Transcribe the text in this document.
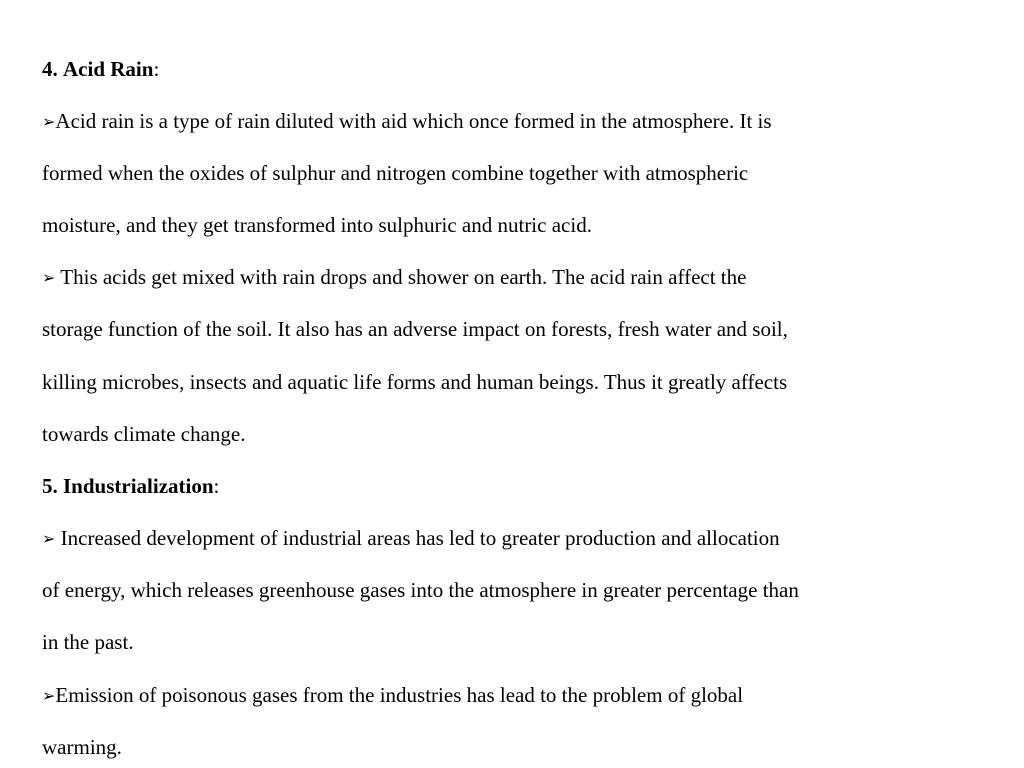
4. Acid Rain:
➢Acid rain is a type of rain diluted with aid which once formed in the atmosphere. It is
formed when the oxides of sulphur and nitrogen combine together with atmospheric
moisture, and they get transformed into sulphuric and nutric acid.
➢ This acids get mixed with rain drops and shower on earth. The acid rain affect the
storage function of the soil. It also has an adverse impact on forests, fresh water and soil,
killing microbes, insects and aquatic life forms and human beings. Thus it greatly affects
towards climate change.
5. Industrialization:
➢ Increased development of industrial areas has led to greater production and allocation
of energy, which releases greenhouse gases into the atmosphere in greater percentage than
in the past.
➢Emission of poisonous gases from the industries has lead to the problem of global
warming.
